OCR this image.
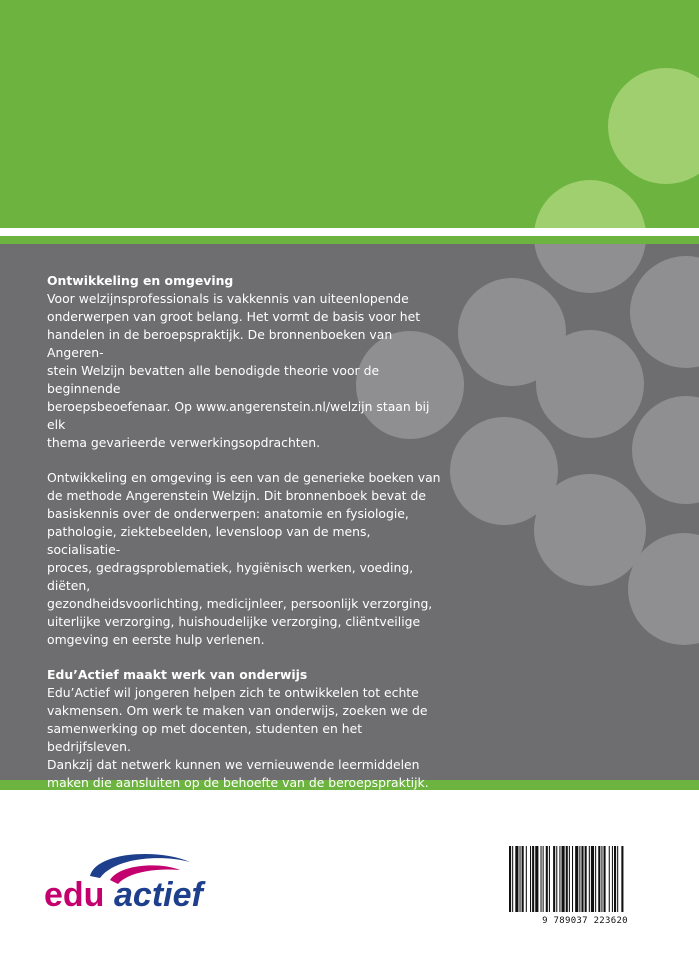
Ontwikkeling en omgeving

Voor welzijnsprofessionals is vakkennis van uiteenlopende

onderwerpen van groot belang. Het vormt de basis voor het

handelen in de beroepspraktijk. De bronnenboeken van Angeren-

stein Welzijn bevatten alle benodigde theorie voor de beginnende

beroepsbeoefenaar. Op www.angerenstein.nl/welzijn staan bij elk

thema gevarieerde verwerkingsopdrachten.

Ontwikkeling en omgeving is een van de generieke boeken van

de methode Angerenstein Welzijn. Dit bronnenboek bevat de

basiskennis over de onderwerpen: anatomie en fysiologie,

pathologie, ziektebeelden, levensloop van de mens, socialisatie-

proces, gedragsproblematiek, hygiënisch werken, voeding, diëten,

gezondheidsvoorlichting, medicijnleer, persoonlijk verzorging,

uiterlijke verzorging, huishoudelijke verzorging, cliëntveilige

omgeving en eerste hulp verlenen.

Edu’Actief maakt werk van onderwijs

Edu’Actief wil jongeren helpen zich te ontwikkelen tot echte

vakmensen. Om werk te maken van onderwijs, zoeken we de

samenwerking op met docenten, studenten en het bedrijfsleven.

Dankzij dat netwerk kunnen we vernieuwende leermiddelen

maken die aansluiten op de behoefte van de beroepspraktijk.

edu actief
9 789037 223620
